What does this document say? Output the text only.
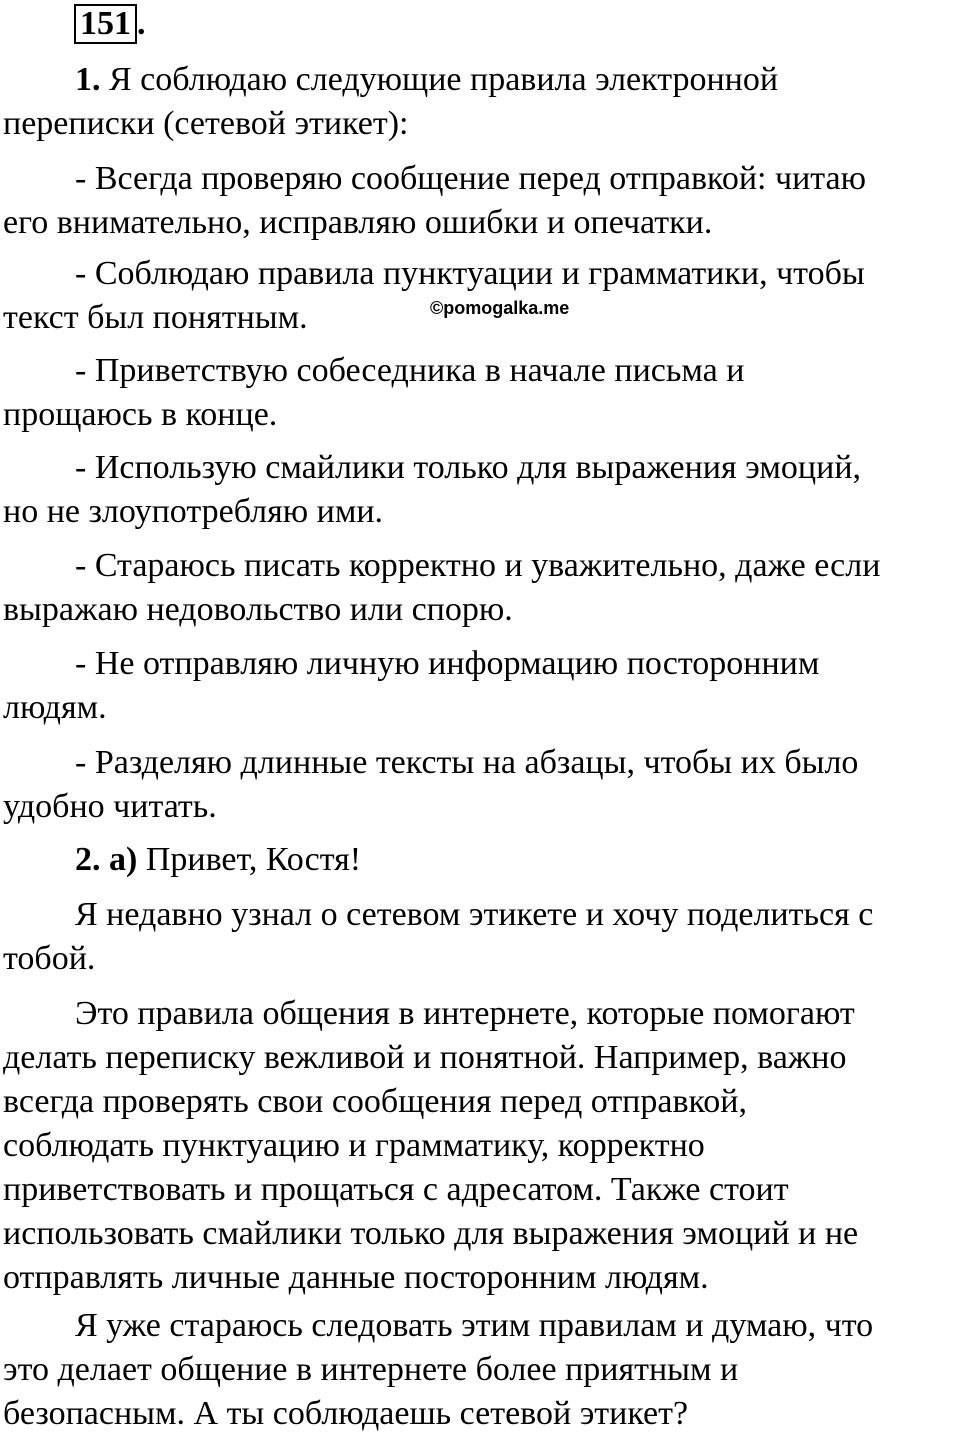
151 .
1. Я соблюдаю следующие правила электронной
переписки (сетевой этикет):
- Всегда проверяю сообщение перед отправкой: читаю
его внимательно, исправляю ошибки и опечатки.
- Соблюдаю правила пунктуации и грамматики, чтобы
текст был понятным.	©pomogalka.me
- Приветствую собеседника в начале письма и
прощаюсь в конце.
- Использую смайлики только для выражения эмоций,
но не злоупотребляю ими.
- Стараюсь писать корректно и уважительно, даже если
выражаю недовольство или спорю.
- Не отправляю личную информацию посторонним
людям.
- Разделяю длинные тексты на абзацы, чтобы их было
удобно читать.
2. а) Привет, Костя!
Я недавно узнал о сетевом этикете и хочу поделиться с
тобой.
Это правила общения в интернете, которые помогают
делать переписку вежливой и понятной. Например, важно
всегда проверять свои сообщения перед отправкой,
соблюдать пунктуацию и грамматику, корректно
приветствовать и прощаться с адресатом. Также стоит
использовать смайлики только для выражения эмоций и не
отправлять личные данные посторонним людям.
Я уже стараюсь следовать этим правилам и думаю, что
это делает общение в интернете более приятным и
безопасным. А ты соблюдаешь сетевой этикет?
